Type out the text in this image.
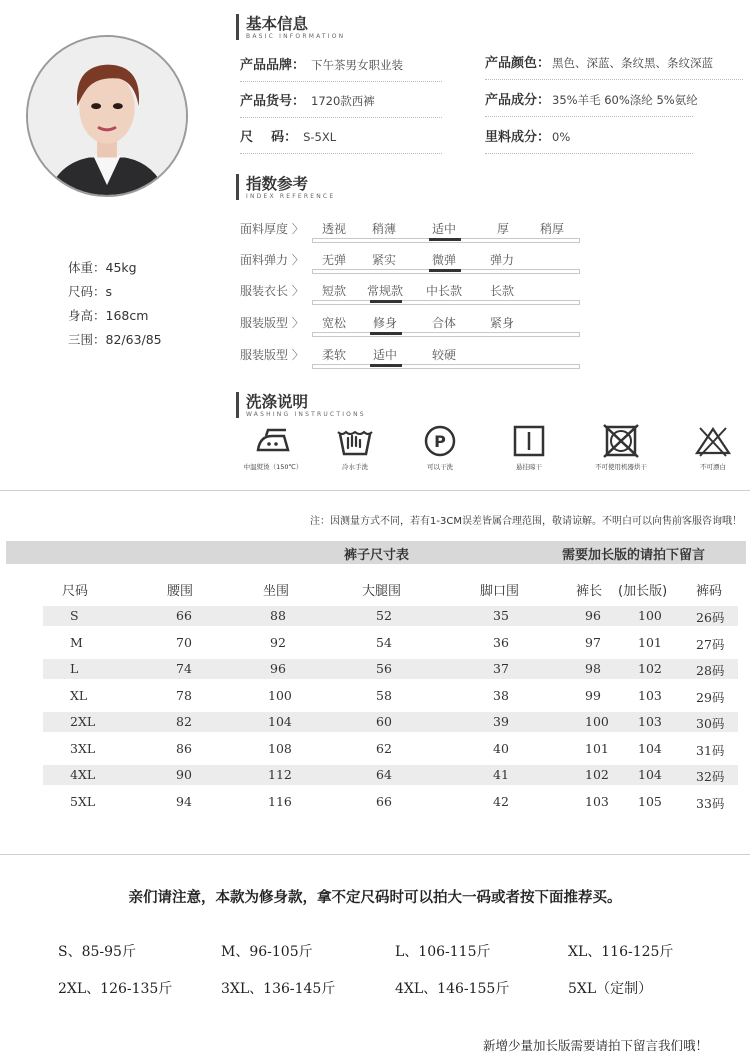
体重：45kg
尺码：s
身高：168cm
三围：82/63/85
基本信息
BASIC INFORMATION
产品品牌： 下午茶男女职业装	产品颜色： 黑色、深蓝、条纹黑、条纹深蓝
产品货号： 1720款西裤	产品成分： 35%羊毛 60%涤纶 5%氨纶
尺    码： S-5XL	里料成分： 0%
指数参考
INDEX REFERENCE
面料厚度 〉 透视 稍薄	适中	厚	稍厚
面料弹力 〉 无弹 紧实	微弹	弹力
服装衣长 〉 短款 常规款 中长款 长款
服装版型 〉 宽松 修身	合体	紧身
服装版型 〉 柔软 适中	较硬
洗涤说明
WASHING INSTRUCTIONS
中温熨烫（150℃）	冷水手洗
P
可以干洗	悬挂晾干	不可使用机器烘干	不可漂白
注：因测量方式不同，若有1-3CM误差皆属合理范围，敬请谅解。不明白可以向售前客服咨询哦！
裤子尺寸表	需要加长版的请拍下留言
尺码	腰围	坐围	大腿围	脚口围	裤长 (加长版) 裤码
S	66	88	52	35	96	100	26码
M	70	92	54	36	97	101	27码
L	74	96	56	37	98	102	28码
XL	78	100	58	38	99	103	29码
2XL	82	104	60	39	100 103	30码
3XL	86	108	62	40	101 104	31码
4XL	90	112	64	41	102 104	32码
5XL	94	116	66	42	103 105	33码
亲们请注意，本款为修身款，拿不定尺码时可以拍大一码或者按下面推荐买。
S、85-95斤	M、96-105斤	L、106-115斤	XL、116-125斤
2XL、126-135斤	3XL、136-145斤	4XL、146-155斤	5XL（定制）
新增少量加长版需要请拍下留言我们哦！
